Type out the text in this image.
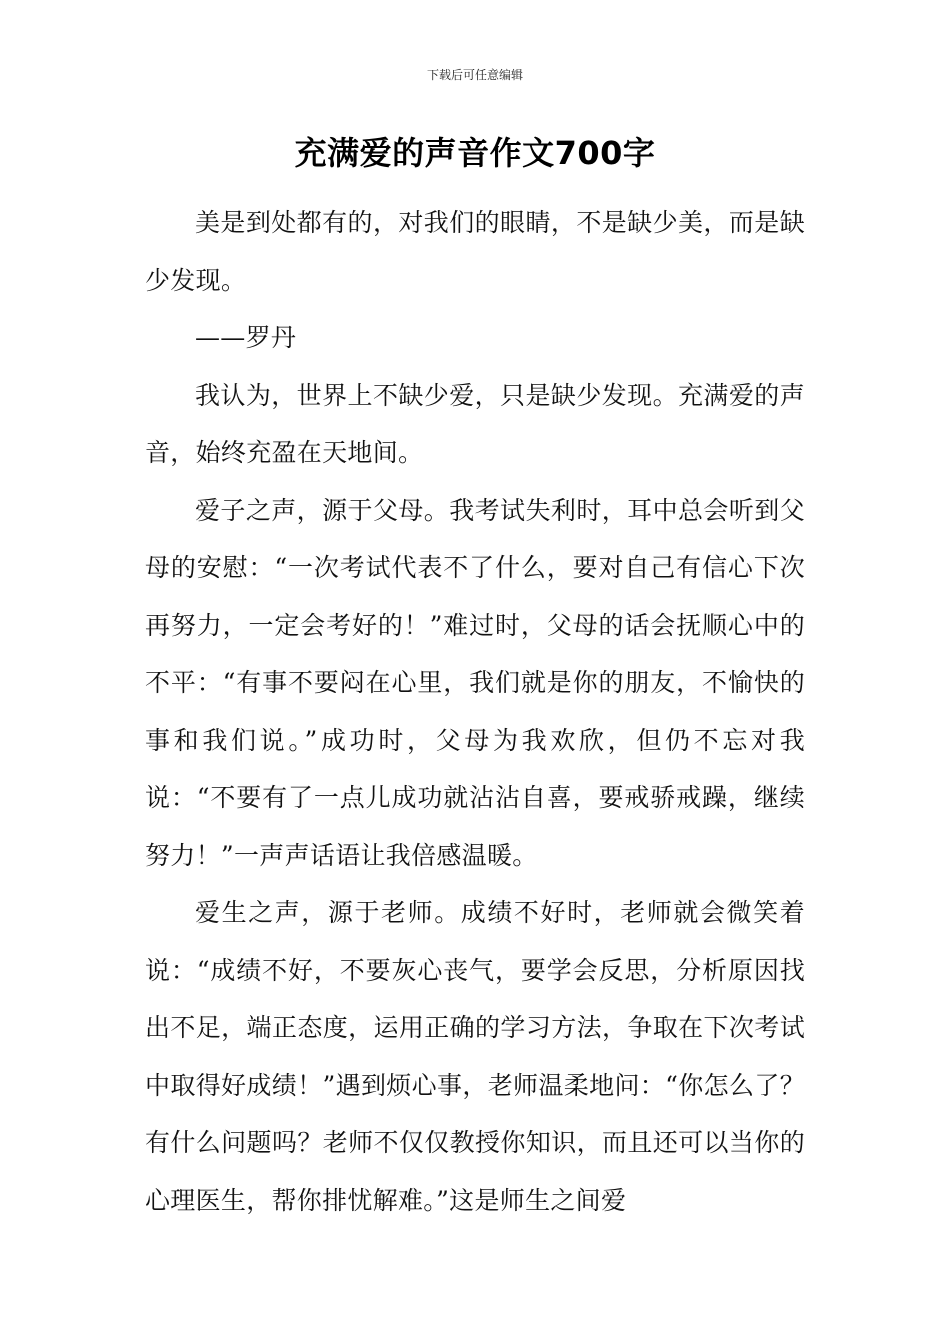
下载后可任意编辑
充满爱的声音作文700字

美是到处都有的，对我们的眼睛，不是缺少美，而是缺少发现。

——罗丹

我认为，世界上不缺少爱，只是缺少发现。充满爱的声音，始终充盈在天地间。

爱子之声，源于父母。我考试失利时，耳中总会听到父母的安慰：“一次考试代表不了什么，要对自己有信心下次再努力，一定会考好的！”难过时，父母的话会抚顺心中的不平：“有事不要闷在心里，我们就是你的朋友，不愉快的事和我们说。”成功时，父母为我欢欣，但仍不忘对我说：“不要有了一点儿成功就沾沾自喜，要戒骄戒躁，继续努力！”一声声话语让我倍感温暖。

爱生之声，源于老师。成绩不好时，老师就会微笑着说：“成绩不好，不要灰心丧气，要学会反思，分析原因找出不足，端正态度，运用正确的学习方法，争取在下次考试中取得好成绩！”遇到烦心事，老师温柔地问：“你怎么了？有什么问题吗？老师不仅仅教授你知识，而且还可以当你的心理医生，帮你排忧解难。”这是师生之间爱
